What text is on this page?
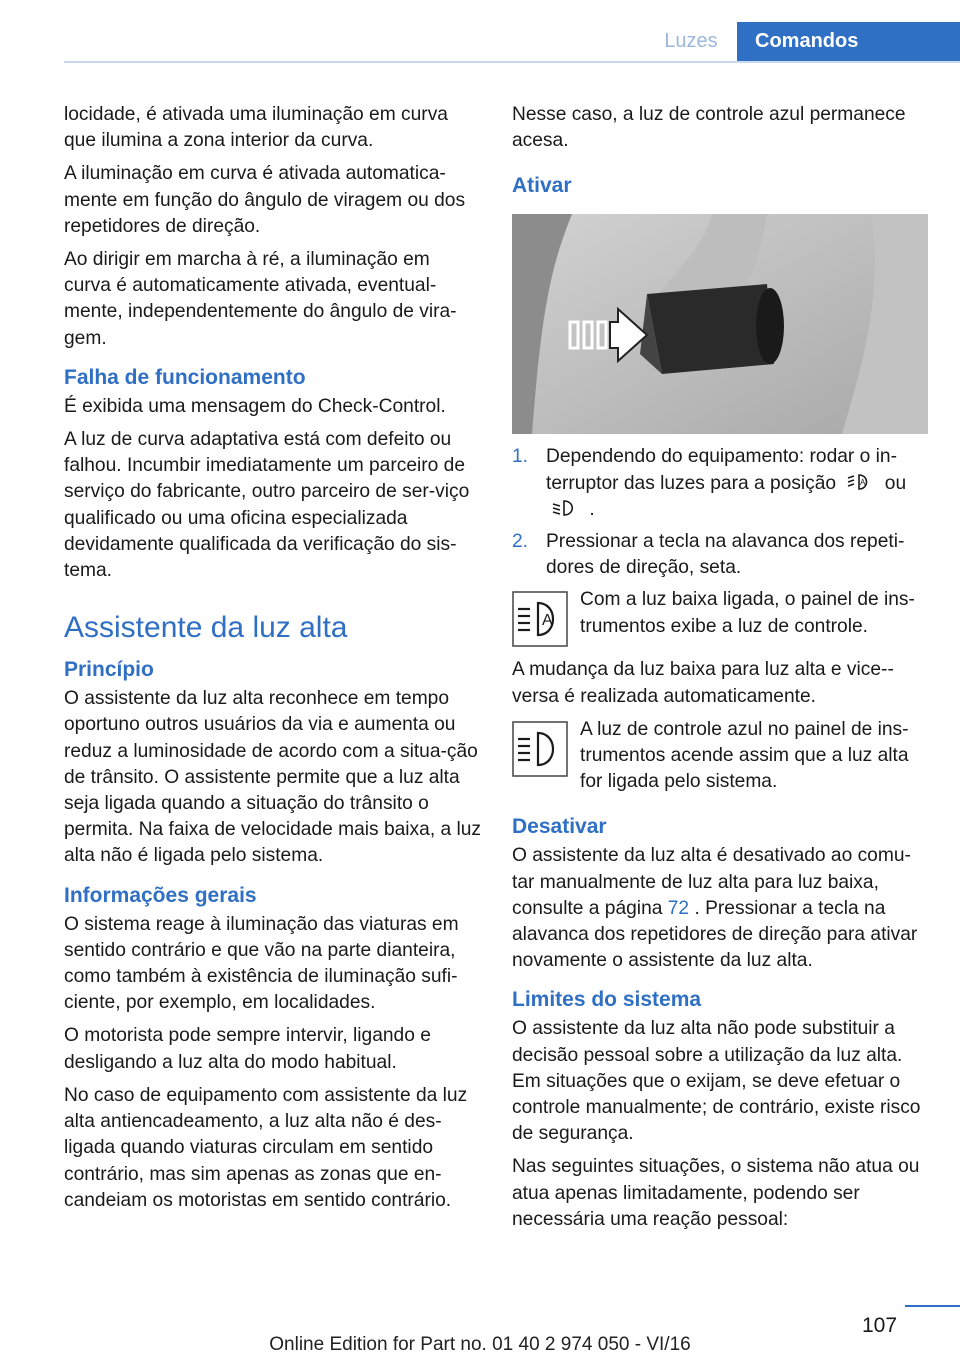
Luzes	Comandos

locidade, é ativada uma iluminação em curva que ilumina a zona interior da curva.

A iluminação em curva é ativada automatica‐mente em função do ângulo de viragem ou dos repetidores de direção.

Ao dirigir em marcha à ré, a iluminação em curva é automaticamente ativada, eventual‐mente, independentemente do ângulo de vira‐gem.

Falha de funcionamento

É exibida uma mensagem do Check-Control.

A luz de curva adaptativa está com defeito ou falhou. Incumbir imediatamente um parceiro de serviço do fabricante, outro parceiro de ser‐viço qualificado ou uma oficina especializada devidamente qualificada da verificação do sis‐tema.

Assistente da luz alta
Princípio

O assistente da luz alta reconhece em tempo oportuno outros usuários da via e aumenta ou reduz a luminosidade de acordo com a situa‐ção de trânsito. O assistente permite que a luz alta seja ligada quando a situação do trânsito o permita. Na faixa de velocidade mais baixa, a luz alta não é ligada pelo sistema.

Informações gerais

O sistema reage à iluminação das viaturas em sentido contrário e que vão na parte dianteira, como também à existência de iluminação sufi‐ciente, por exemplo, em localidades.

O motorista pode sempre intervir, ligando e desligando a luz alta do modo habitual.

No caso de equipamento com assistente da luz alta antiencadeamento, a luz alta não é des‐ligada quando viaturas circulam em sentido contrário, mas sim apenas as zonas que en‐candeiam os motoristas em sentido contrário.

Nesse caso, a luz de controle azul permanece acesa.

Ativar
1. Dependendo do equipamento: rodar o in‐terruptor das luzes para a posição	A ou  .
2. Pressionar a tecla na alavanca dos repeti‐dores de direção, seta.
A
Com a luz baixa ligada, o painel de ins‐trumentos exibe a luz de controle.

A mudança da luz baixa para luz alta e vice-‐versa é realizada automaticamente.

A luz de controle azul no painel de ins‐trumentos acende assim que a luz alta for ligada pelo sistema.
Desativar

O assistente da luz alta é desativado ao comu‐tar manualmente de luz alta para luz baixa, consulte a página 72 . Pressionar a tecla na alavanca dos repetidores de direção para ativar novamente o assistente da luz alta.

Limites do sistema

O assistente da luz alta não pode substituir a decisão pessoal sobre a utilização da luz alta. Em situações que o exijam, se deve efetuar o controle manualmente; de contrário, existe risco de segurança.

Nas seguintes situações, o sistema não atua ou atua apenas limitadamente, podendo ser necessária uma reação pessoal:

107
Online Edition for Part no. 01 40 2 974 050 - VI/16
